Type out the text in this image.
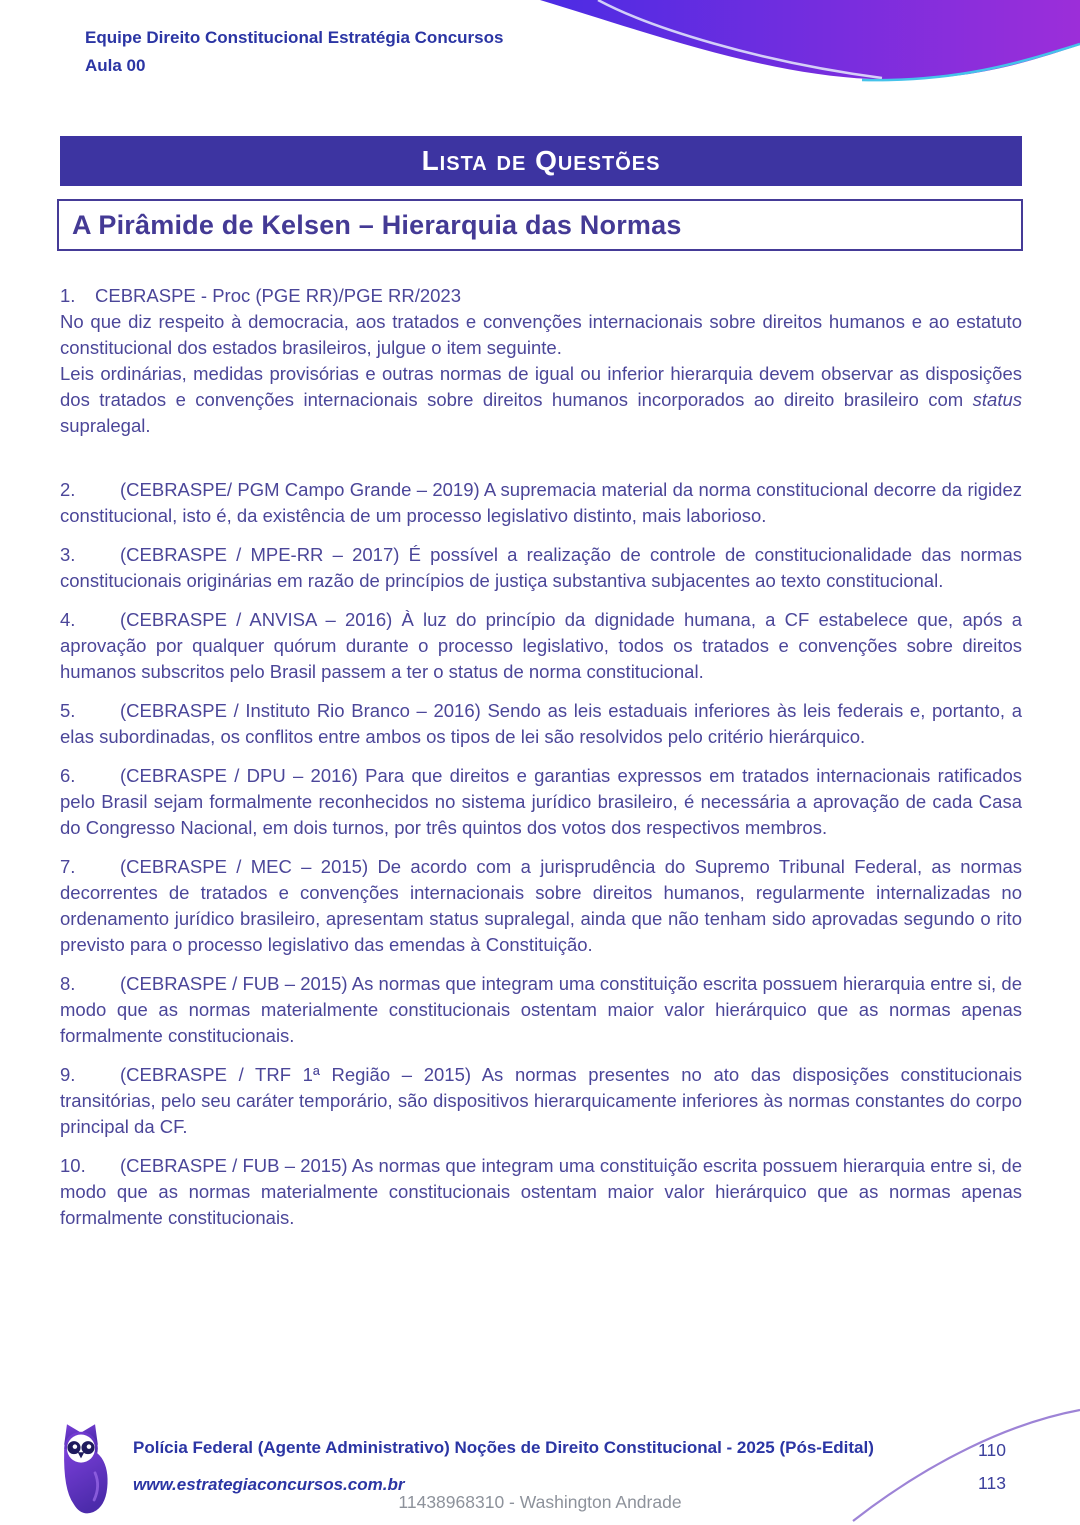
Equipe Direito Constitucional Estratégia Concursos
Aula 00
Lista de Questões
A Pirâmide de Kelsen – Hierarquia das Normas

1. CEBRASPE - Proc (PGE RR)/PGE RR/2023

No que diz respeito à democracia, aos tratados e convenções internacionais sobre direitos humanos e ao estatuto constitucional dos estados brasileiros, julgue o item seguinte.

Leis ordinárias, medidas provisórias e outras normas de igual ou inferior hierarquia devem observar as disposições dos tratados e convenções internacionais sobre direitos humanos incorporados ao direito brasileiro com status supralegal.

2. (CEBRASPE/ PGM Campo Grande – 2019) A supremacia material da norma constitucional decorre da rigidez constitucional, isto é, da existência de um processo legislativo distinto, mais laborioso.

3. (CEBRASPE / MPE-RR – 2017) É possível a realização de controle de constitucionalidade das normas constitucionais originárias em razão de princípios de justiça substantiva subjacentes ao texto constitucional.

4. (CEBRASPE / ANVISA – 2016) À luz do princípio da dignidade humana, a CF estabelece que, após a aprovação por qualquer quórum durante o processo legislativo, todos os tratados e convenções sobre direitos humanos subscritos pelo Brasil passem a ter o status de norma constitucional.

5. (CEBRASPE / Instituto Rio Branco – 2016) Sendo as leis estaduais inferiores às leis federais e, portanto, a elas subordinadas, os conflitos entre ambos os tipos de lei são resolvidos pelo critério hierárquico.

6. (CEBRASPE / DPU – 2016) Para que direitos e garantias expressos em tratados internacionais ratificados pelo Brasil sejam formalmente reconhecidos no sistema jurídico brasileiro, é necessária a aprovação de cada Casa do Congresso Nacional, em dois turnos, por três quintos dos votos dos respectivos membros.

7. (CEBRASPE / MEC – 2015) De acordo com a jurisprudência do Supremo Tribunal Federal, as normas decorrentes de tratados e convenções internacionais sobre direitos humanos, regularmente internalizadas no ordenamento jurídico brasileiro, apresentam status supralegal, ainda que não tenham sido aprovadas segundo o rito previsto para o processo legislativo das emendas à Constituição.

8. (CEBRASPE / FUB – 2015) As normas que integram uma constituição escrita possuem hierarquia entre si, de modo que as normas materialmente constitucionais ostentam maior valor hierárquico que as normas apenas formalmente constitucionais.

9. (CEBRASPE / TRF 1ª Região – 2015) As normas presentes no ato das disposições constitucionais transitórias, pelo seu caráter temporário, são dispositivos hierarquicamente inferiores às normas constantes do corpo principal da CF.

10. (CEBRASPE / FUB – 2015) As normas que integram uma constituição escrita possuem hierarquia entre si, de modo que as normas materialmente constitucionais ostentam maior valor hierárquico que as normas apenas formalmente constitucionais.

Polícia Federal (Agente Administrativo) Noções de Direito Constitucional - 2025 (Pós-Edital)
www.estrategiaconcursos.com.br
110
113
11438968310 - Washington Andrade
